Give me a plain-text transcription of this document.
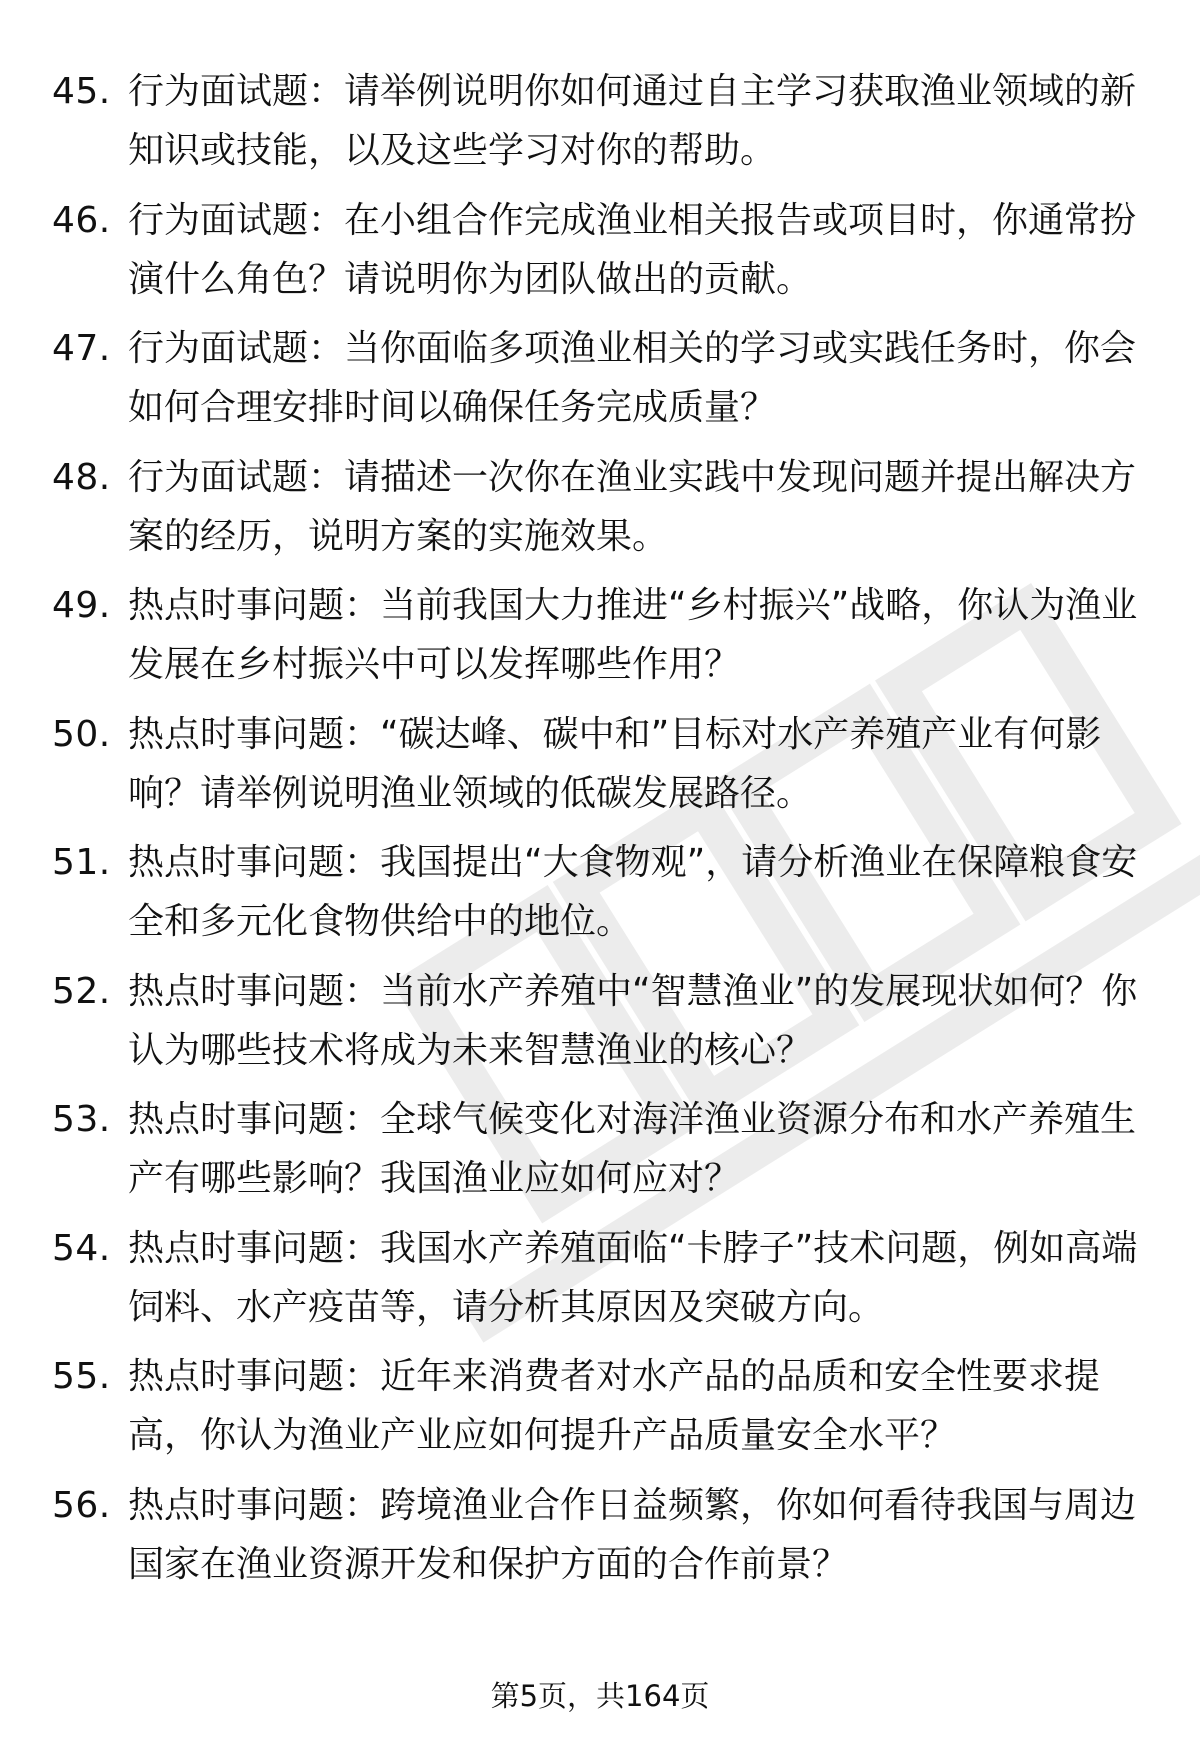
45. 行为面试题：请举例说明你如何通过自主学习获取渔业领域的新知识或技能，以及这些学习对你的帮助。
46. 行为面试题：在小组合作完成渔业相关报告或项目时，你通常扮演什么角色？请说明你为团队做出的贡献。
47. 行为面试题：当你面临多项渔业相关的学习或实践任务时，你会如何合理安排时间以确保任务完成质量？
48. 行为面试题：请描述一次你在渔业实践中发现问题并提出解决方案的经历，说明方案的实施效果。
49. 热点时事问题：当前我国大力推进“乡村振兴”战略，你认为渔业发展在乡村振兴中可以发挥哪些作用？
50. 热点时事问题：“碳达峰、碳中和”目标对水产养殖产业有何影响？请举例说明渔业领域的低碳发展路径。
51. 热点时事问题：我国提出“大食物观”，请分析渔业在保障粮食安全和多元化食物供给中的地位。
52. 热点时事问题：当前水产养殖中“智慧渔业”的发展现状如何？你认为哪些技术将成为未来智慧渔业的核心？
53. 热点时事问题：全球气候变化对海洋渔业资源分布和水产养殖生产有哪些影响？我国渔业应如何应对？
54. 热点时事问题：我国水产养殖面临“卡脖子”技术问题，例如高端饲料、水产疫苗等，请分析其原因及突破方向。
55. 热点时事问题：近年来消费者对水产品的品质和安全性要求提高，你认为渔业产业应如何提升产品质量安全水平？
56. 热点时事问题：跨境渔业合作日益频繁，你如何看待我国与周边国家在渔业资源开发和保护方面的合作前景？
第5页，共164页
